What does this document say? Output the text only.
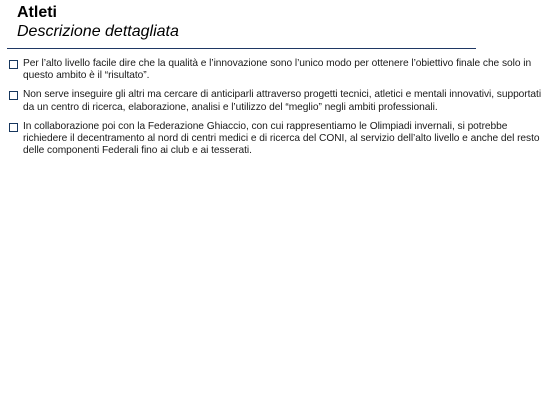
Atleti
Descrizione dettagliata
Per l’alto livello facile dire che la qualità e l’innovazione sono l’unico modo per ottenere l’obiettivo finale che solo in questo ambito è il “risultato”.
Non serve inseguire gli altri ma cercare di anticiparli attraverso progetti tecnici, atletici e mentali innovativi, supportati da un centro di ricerca, elaborazione, analisi e l’utilizzo del “meglio” negli ambiti professionali.
In collaborazione poi con la Federazione Ghiaccio, con cui rappresentiamo le Olimpiadi invernali, si potrebbe richiedere il decentramento al nord di centri medici e di ricerca del CONI, al servizio dell’alto livello e anche del resto delle componenti Federali fino ai club e ai tesserati.
